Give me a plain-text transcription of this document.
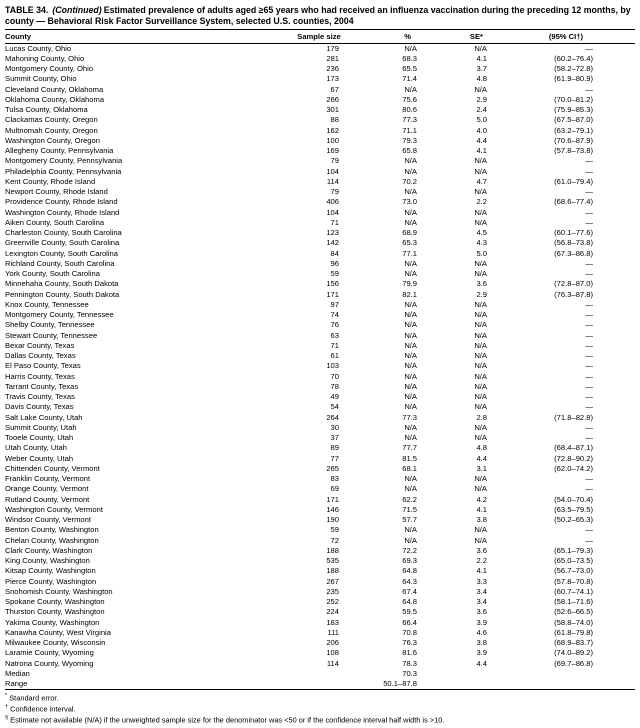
TABLE 34. (Continued) Estimated prevalence of adults aged ≥65 years who had received an influenza vaccination during the preceding 12 months, by county — Behavioral Risk Factor Surveillance System, selected U.S. counties, 2004

County	Sample size	%	SE*	(95% CI†)
Lucas County, Ohio	179	N/A	N/A	—
Mahoning County, Ohio	281	68.3	4.1	(60.2–76.4)
Montgomery County, Ohio	236	65.5	3.7	(58.2–72.8)
Summit County, Ohio	173	71.4	4.8	(61.9–80.9)
Cleveland County, Oklahoma	67	N/A	N/A	—
Oklahoma County, Oklahoma	266	75.6	2.9	(70.0–81.2)
Tulsa County, Oklahoma	301	80.6	2.4	(75.9–85.3)
Clackamas County, Oregon	88	77.3	5.0	(67.5–87.0)
Multnomah County, Oregon	162	71.1	4.0	(63.2–79.1)
Washington County, Oregon	100	79.3	4.4	(70.6–87.9)
Allegheny County, Pennsylvania	169	65.8	4.1	(57.8–73.8)
Montgomery County, Pennsylvania	79	N/A	N/A	—
Philadelphia County, Pennsylvania	104	N/A	N/A	—
Kent County, Rhode Island	114	70.2	4.7	(61.0–79.4)
Newport County, Rhode Island	79	N/A	N/A	—
Providence County, Rhode Island	406	73.0	2.2	(68.6–77.4)
Washington County, Rhode Island	104	N/A	N/A	—
Aiken County, South Carolina	71	N/A	N/A	—
Charleston County, South Carolina	123	68.9	4.5	(60.1–77.6)
Greenville County, South Carolina	142	65.3	4.3	(56.8–73.8)
Lexington County, South Carolina	84	77.1	5.0	(67.3–86.8)
Richland County, South Carolina	96	N/A	N/A	—
York County, South Carolina	59	N/A	N/A	—
Minnehaha County, South Dakota	156	79.9	3.6	(72.8–87.0)
Pennington County, South Dakota	171	82.1	2.9	(76.3–87.8)
Knox County, Tennessee	97	N/A	N/A	—
Montgomery County, Tennessee	74	N/A	N/A	—
Shelby County, Tennessee	76	N/A	N/A	—
Stewart County, Tennessee	63	N/A	N/A	—
Bexar County, Texas	71	N/A	N/A	—
Dallas County, Texas	61	N/A	N/A	—
El Paso County, Texas	103	N/A	N/A	—
Harris County, Texas	70	N/A	N/A	—
Tarrant County, Texas	78	N/A	N/A	—
Travis County, Texas	49	N/A	N/A	—
Davis County, Texas	54	N/A	N/A	—
Salt Lake County, Utah	264	77.3	2.8	(71.8–82.8)
Summit County, Utah	30	N/A	N/A	—
Tooele County, Utah	37	N/A	N/A	—
Utah County, Utah	89	77.7	4.8	(68.4–87.1)
Weber County, Utah	77	81.5	4.4	(72.8–90.2)
Chittenden County, Vermont	265	68.1	3.1	(62.0–74.2)
Franklin County, Vermont	83	N/A	N/A	—
Orange County, Vermont	69	N/A	N/A	—
Rutland County, Vermont	171	62.2	4.2	(54.0–70.4)
Washington County, Vermont	146	71.5	4.1	(63.5–79.5)
Windsor County, Vermont	190	57.7	3.8	(50.2–65.3)
Benton County, Washington	59	N/A	N/A	—
Chelan County, Washington	72	N/A	N/A	—
Clark County, Washington	188	72.2	3.6	(65.1–79.3)
King County, Washington	535	69.3	2.2	(65.0–73.5)
Kitsap County, Washington	188	64.8	4.1	(56.7–73.0)
Pierce County, Washington	267	64.3	3.3	(57.8–70.8)
Snohomish County, Washington	235	67.4	3.4	(60.7–74.1)
Spokane County, Washington	252	64.8	3.4	(58.1–71.6)
Thurston County, Washington	224	59.5	3.6	(52.6–66.5)
Yakima County, Washington	183	66.4	3.9	(58.8–74.0)
Kanawha County, West Virginia	111	70.8	4.6	(61.8–79.8)
Milwaukee County, Wisconsin	206	76.3	3.8	(68.9–83.7)
Laramie County, Wyoming	108	81.6	3.9	(74.0–89.2)
Natrona County, Wyoming	114	78.3	4.4	(69.7–86.8)
Median		70.3		
Range		50.1–87.8		

* Standard error.

† Confidence interval.

§ Estimate not available (N/A) if the unweighted sample size for the denominator was <50 or if the confidence interval half width is >10.
